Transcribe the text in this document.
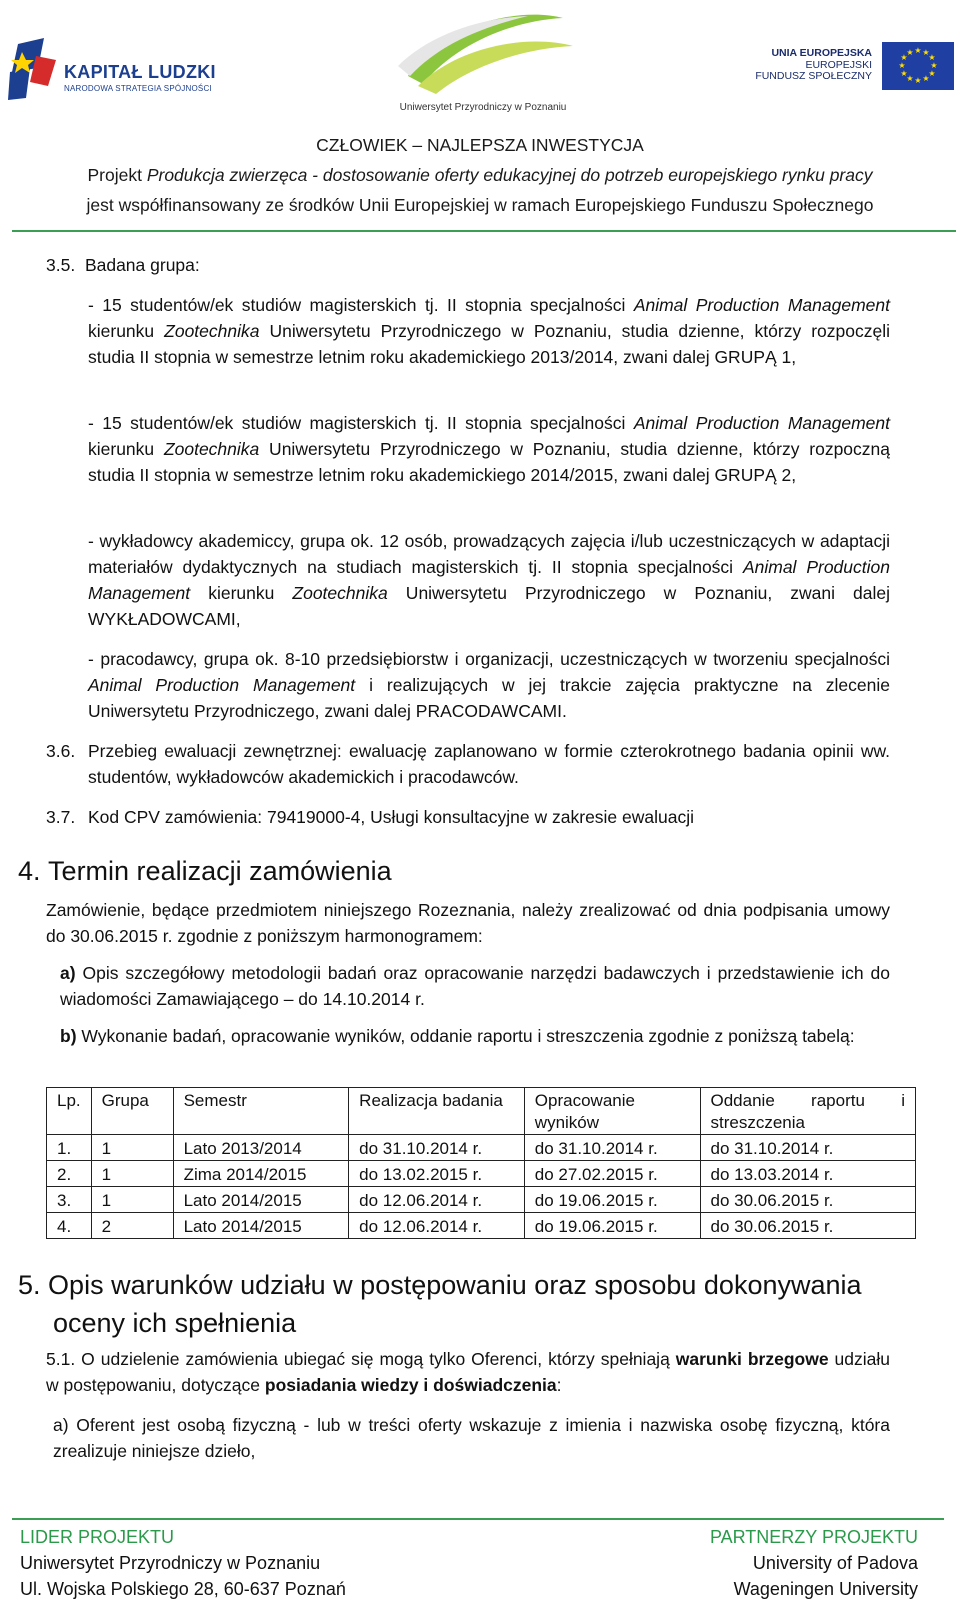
KAPITAŁ LUDZKI
NARODOWA STRATEGIA SPÓJNOŚCI
Uniwersytet Przyrodniczy w Poznaniu
UNIA EUROPEJSKA
EUROPEJSKI
FUNDUSZ SPOŁECZNY
★ ★
★
★
★
★
★
★
★
★
★
★
CZŁOWIEK – NAJLEPSZA INWESTYCJA
Projekt Produkcja zwierzęca - dostosowanie oferty edukacyjnej do potrzeb europejskiego rynku pracy
jest współfinansowany ze środków Unii Europejskiej w ramach Europejskiego Funduszu Społecznego
3.5. Badana grupa:
- 15 studentów/ek studiów magisterskich tj. II stopnia specjalności Animal Production Management kierunku Zootechnika Uniwersytetu Przyrodniczego w Poznaniu, studia dzienne, którzy rozpoczęli studia II stopnia w semestrze letnim roku akademickiego 2013/2014, zwani dalej GRUPĄ 1,
- 15 studentów/ek studiów magisterskich tj. II stopnia specjalności Animal Production Management kierunku Zootechnika Uniwersytetu Przyrodniczego w Poznaniu, studia dzienne, którzy rozpoczną studia II stopnia w semestrze letnim roku akademickiego 2014/2015, zwani dalej GRUPĄ 2,
- wykładowcy akademiccy, grupa ok. 12 osób, prowadzących zajęcia i/lub uczestniczących w adaptacji materiałów dydaktycznych na studiach magisterskich tj. II stopnia specjalności Animal Production Management kierunku Zootechnika Uniwersytetu Przyrodniczego w Poznaniu, zwani dalej WYKŁADOWCAMI,
- pracodawcy, grupa ok. 8-10 przedsiębiorstw i organizacji, uczestniczących w tworzeniu specjalności Animal Production Management i realizujących w jej trakcie zajęcia praktyczne na zlecenie Uniwersytetu Przyrodniczego, zwani dalej PRACODAWCAMI.
3.6. Przebieg ewaluacji zewnętrznej: ewaluację zaplanowano w formie czterokrotnego badania opinii ww. studentów, wykładowców akademickich i pracodawców.
3.7. Kod CPV zamówienia: 79419000-4, Usługi konsultacyjne w zakresie ewaluacji
4. Termin realizacji zamówienia
Zamówienie, będące przedmiotem niniejszego Rozeznania, należy zrealizować od dnia podpisania umowy do 30.06.2015 r. zgodnie z poniższym harmonogramem:
a) Opis szczegółowy metodologii badań oraz opracowanie narzędzi badawczych i przedstawienie ich do wiadomości Zamawiającego – do 14.10.2014 r.
b) Wykonanie badań, opracowanie wyników, oddanie raportu i streszczenia zgodnie z poniższą tabelą:
Lp.	Grupa	Semestr	Realizacja badania	Opracowanie wyników	Oddanie raportu i streszczenia
1.	1	Lato 2013/2014	do 31.10.2014 r.	do 31.10.2014 r.	do 31.10.2014 r.
2.	1	Zima 2014/2015	do 13.02.2015 r.	do 27.02.2015 r.	do 13.03.2014 r.
3.	1	Lato 2014/2015	do 12.06.2014 r.	do 19.06.2015 r.	do 30.06.2015 r.
4.	2	Lato 2014/2015	do 12.06.2014 r.	do 19.06.2015 r.	do 30.06.2015 r.
5. Opis warunków udziału w postępowaniu oraz sposobu dokonywania
oceny ich spełnienia
5.1. O udzielenie zamówienia ubiegać się mogą tylko Oferenci, którzy spełniają warunki brzegowe udziału w postępowaniu, dotyczące posiadania wiedzy i doświadczenia:
a) Oferent jest osobą fizyczną - lub w treści oferty wskazuje z imienia i nazwiska osobę fizyczną, która zrealizuje niniejsze dzieło,
LIDER PROJEKTU
Uniwersytet Przyrodniczy w Poznaniu
Ul. Wojska Polskiego 28, 60-637 Poznań
PARTNERZY PROJEKTU
University of Padova
Wageningen University
